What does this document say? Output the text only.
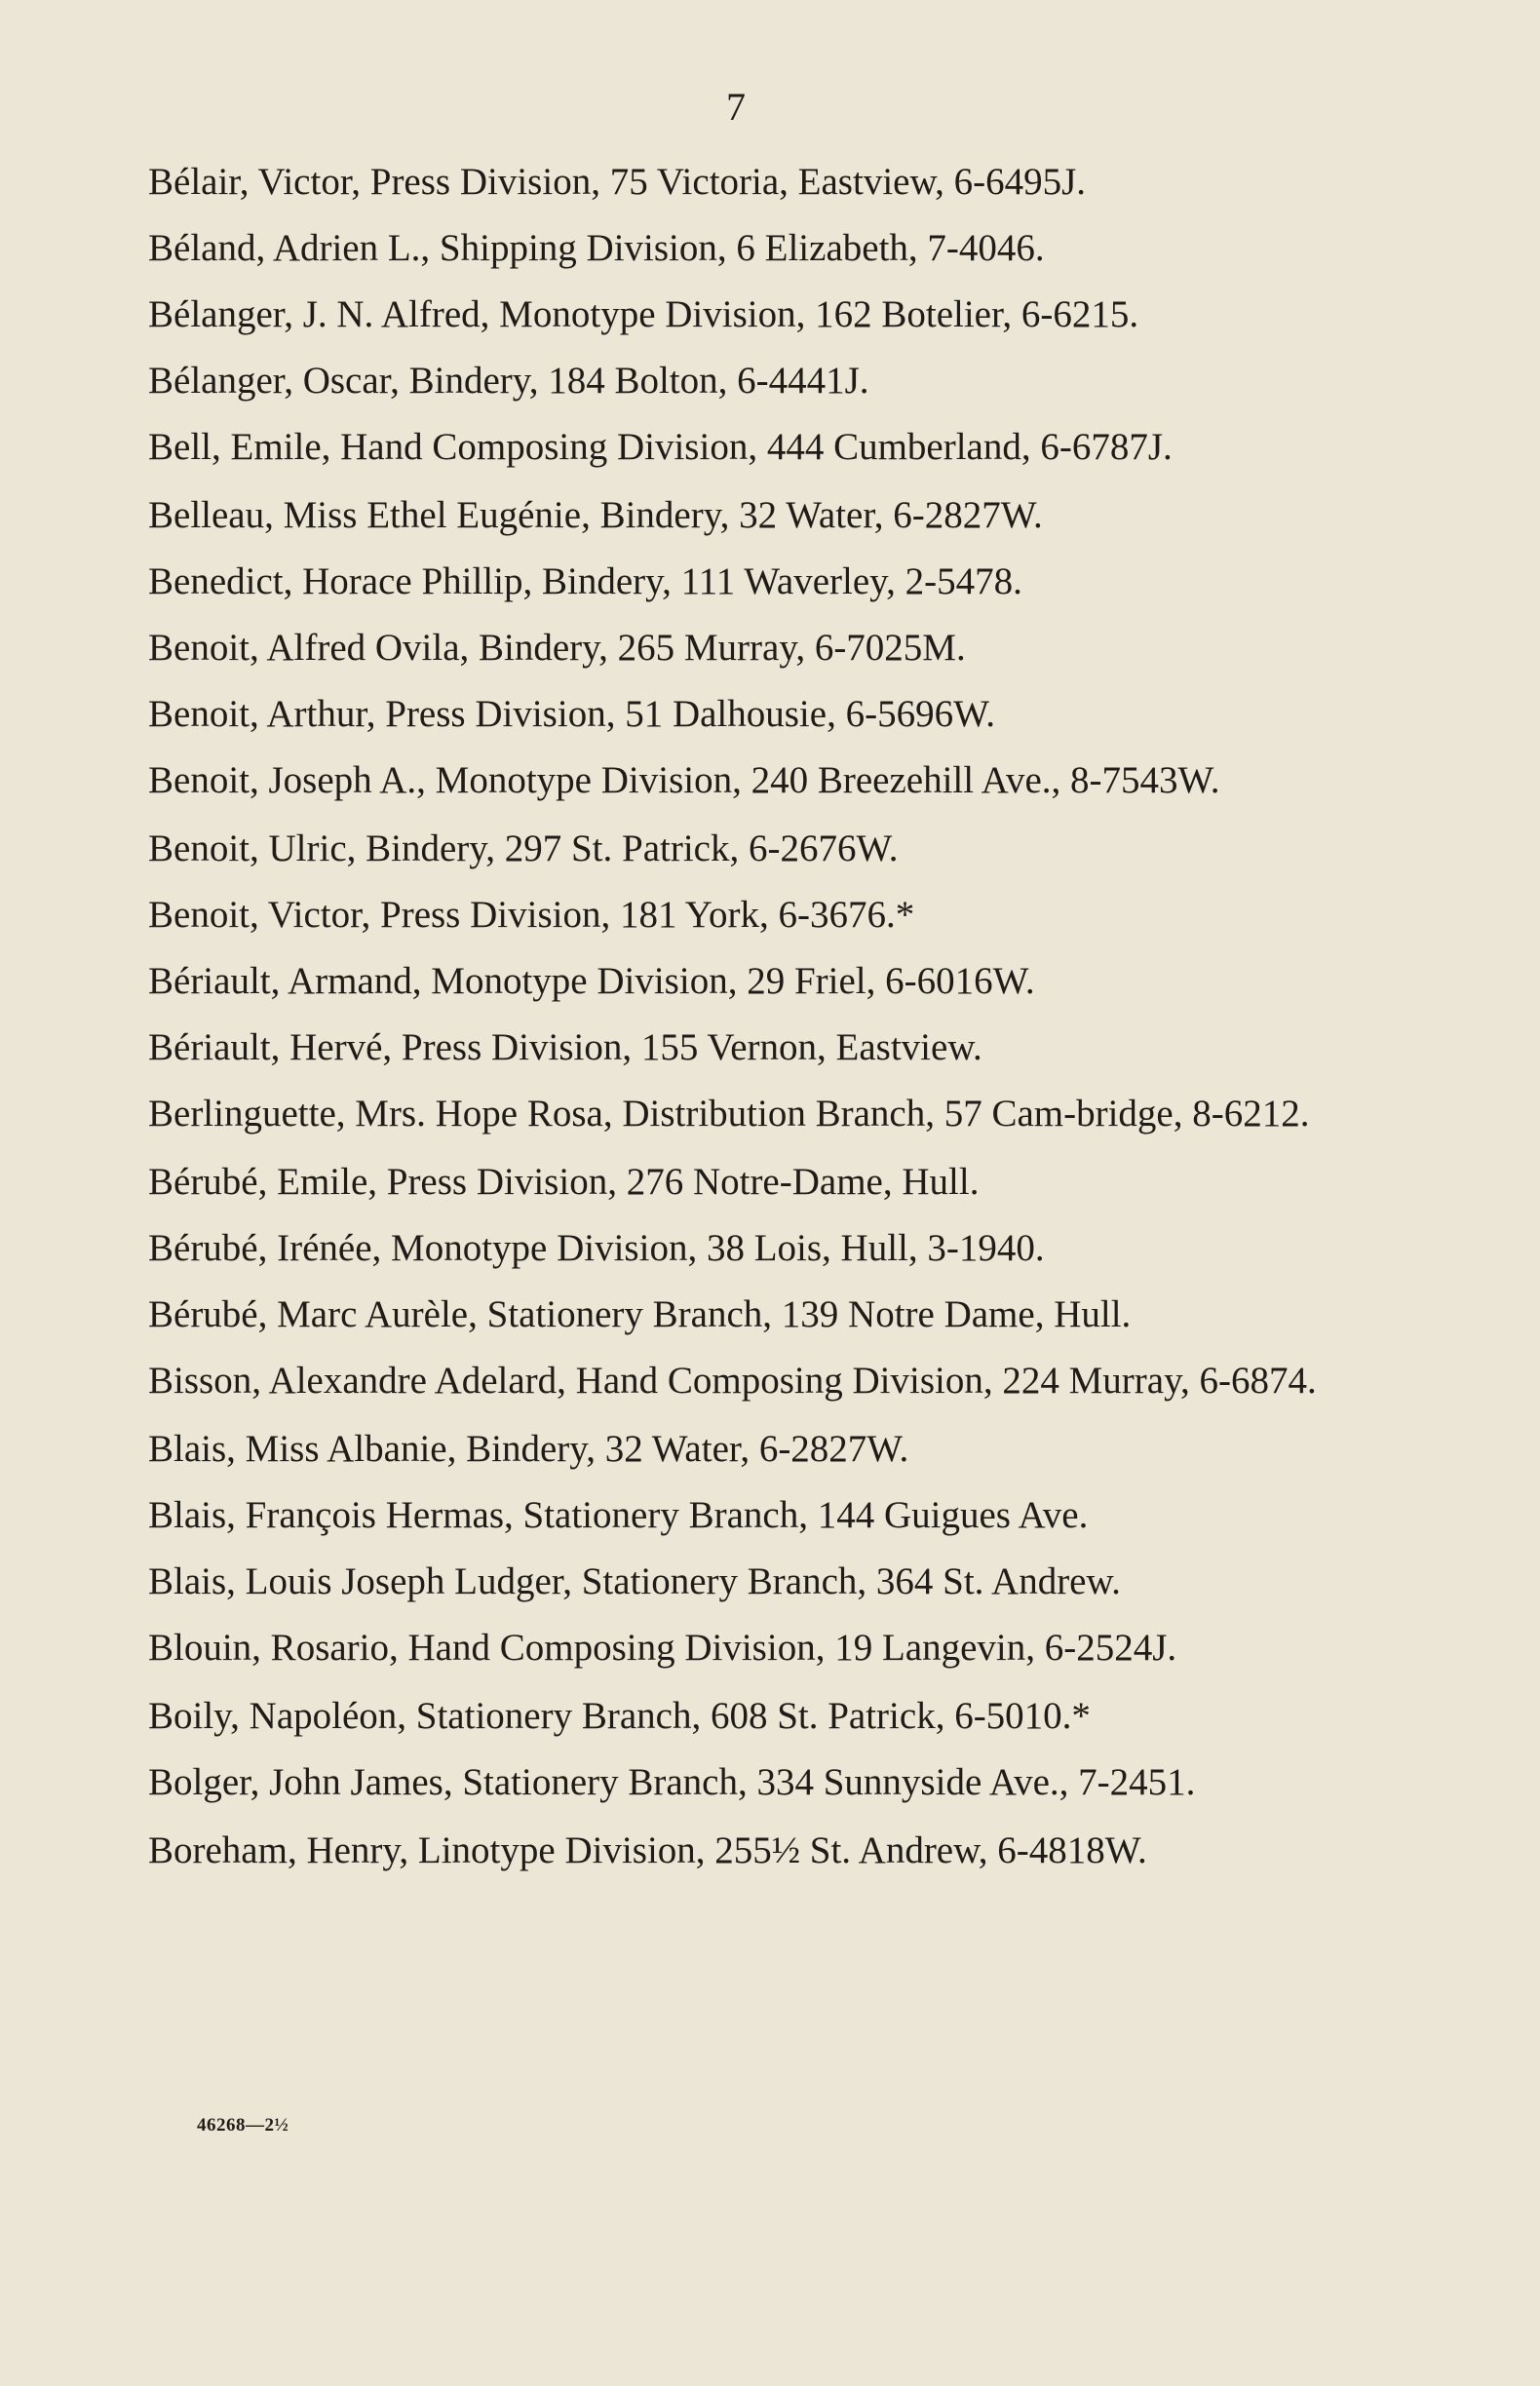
7
Bélair, Victor, Press Division, 75 Victoria, Eastview, 6-6495J.
Béland, Adrien L., Shipping Division, 6 Elizabeth, 7-4046.
Bélanger, J. N. Alfred, Monotype Division, 162 Botelier, 6-6215.
Bélanger, Oscar, Bindery, 184 Bolton, 6-4441J.
Bell, Emile, Hand Composing Division, 444 Cumberland, 6-6787J.
Belleau, Miss Ethel Eugénie, Bindery, 32 Water, 6-2827W.
Benedict, Horace Phillip, Bindery, 111 Waverley, 2-5478.
Benoit, Alfred Ovila, Bindery, 265 Murray, 6-7025M.
Benoit, Arthur, Press Division, 51 Dalhousie, 6-5696W.
Benoit, Joseph A., Monotype Division, 240 Breezehill Ave., 8-7543W.
Benoit, Ulric, Bindery, 297 St. Patrick, 6-2676W.
Benoit, Victor, Press Division, 181 York, 6-3676.*
Bériault, Armand, Monotype Division, 29 Friel, 6-6016W.
Bériault, Hervé, Press Division, 155 Vernon, Eastview.
Berlinguette, Mrs. Hope Rosa, Distribution Branch, 57 Cam-bridge, 8-6212.
Bérubé, Emile, Press Division, 276 Notre-Dame, Hull.
Bérubé, Irénée, Monotype Division, 38 Lois, Hull, 3-1940.
Bérubé, Marc Aurèle, Stationery Branch, 139 Notre Dame, Hull.
Bisson, Alexandre Adelard, Hand Composing Division, 224 Murray, 6-6874.
Blais, Miss Albanie, Bindery, 32 Water, 6-2827W.
Blais, François Hermas, Stationery Branch, 144 Guigues Ave.
Blais, Louis Joseph Ludger, Stationery Branch, 364 St. Andrew.
Blouin, Rosario, Hand Composing Division, 19 Langevin, 6-2524J.
Boily, Napoléon, Stationery Branch, 608 St. Patrick, 6-5010.*
Bolger, John James, Stationery Branch, 334 Sunnyside Ave., 7-2451.
Boreham, Henry, Linotype Division, 255½ St. Andrew, 6-4818W.
46268—2½
